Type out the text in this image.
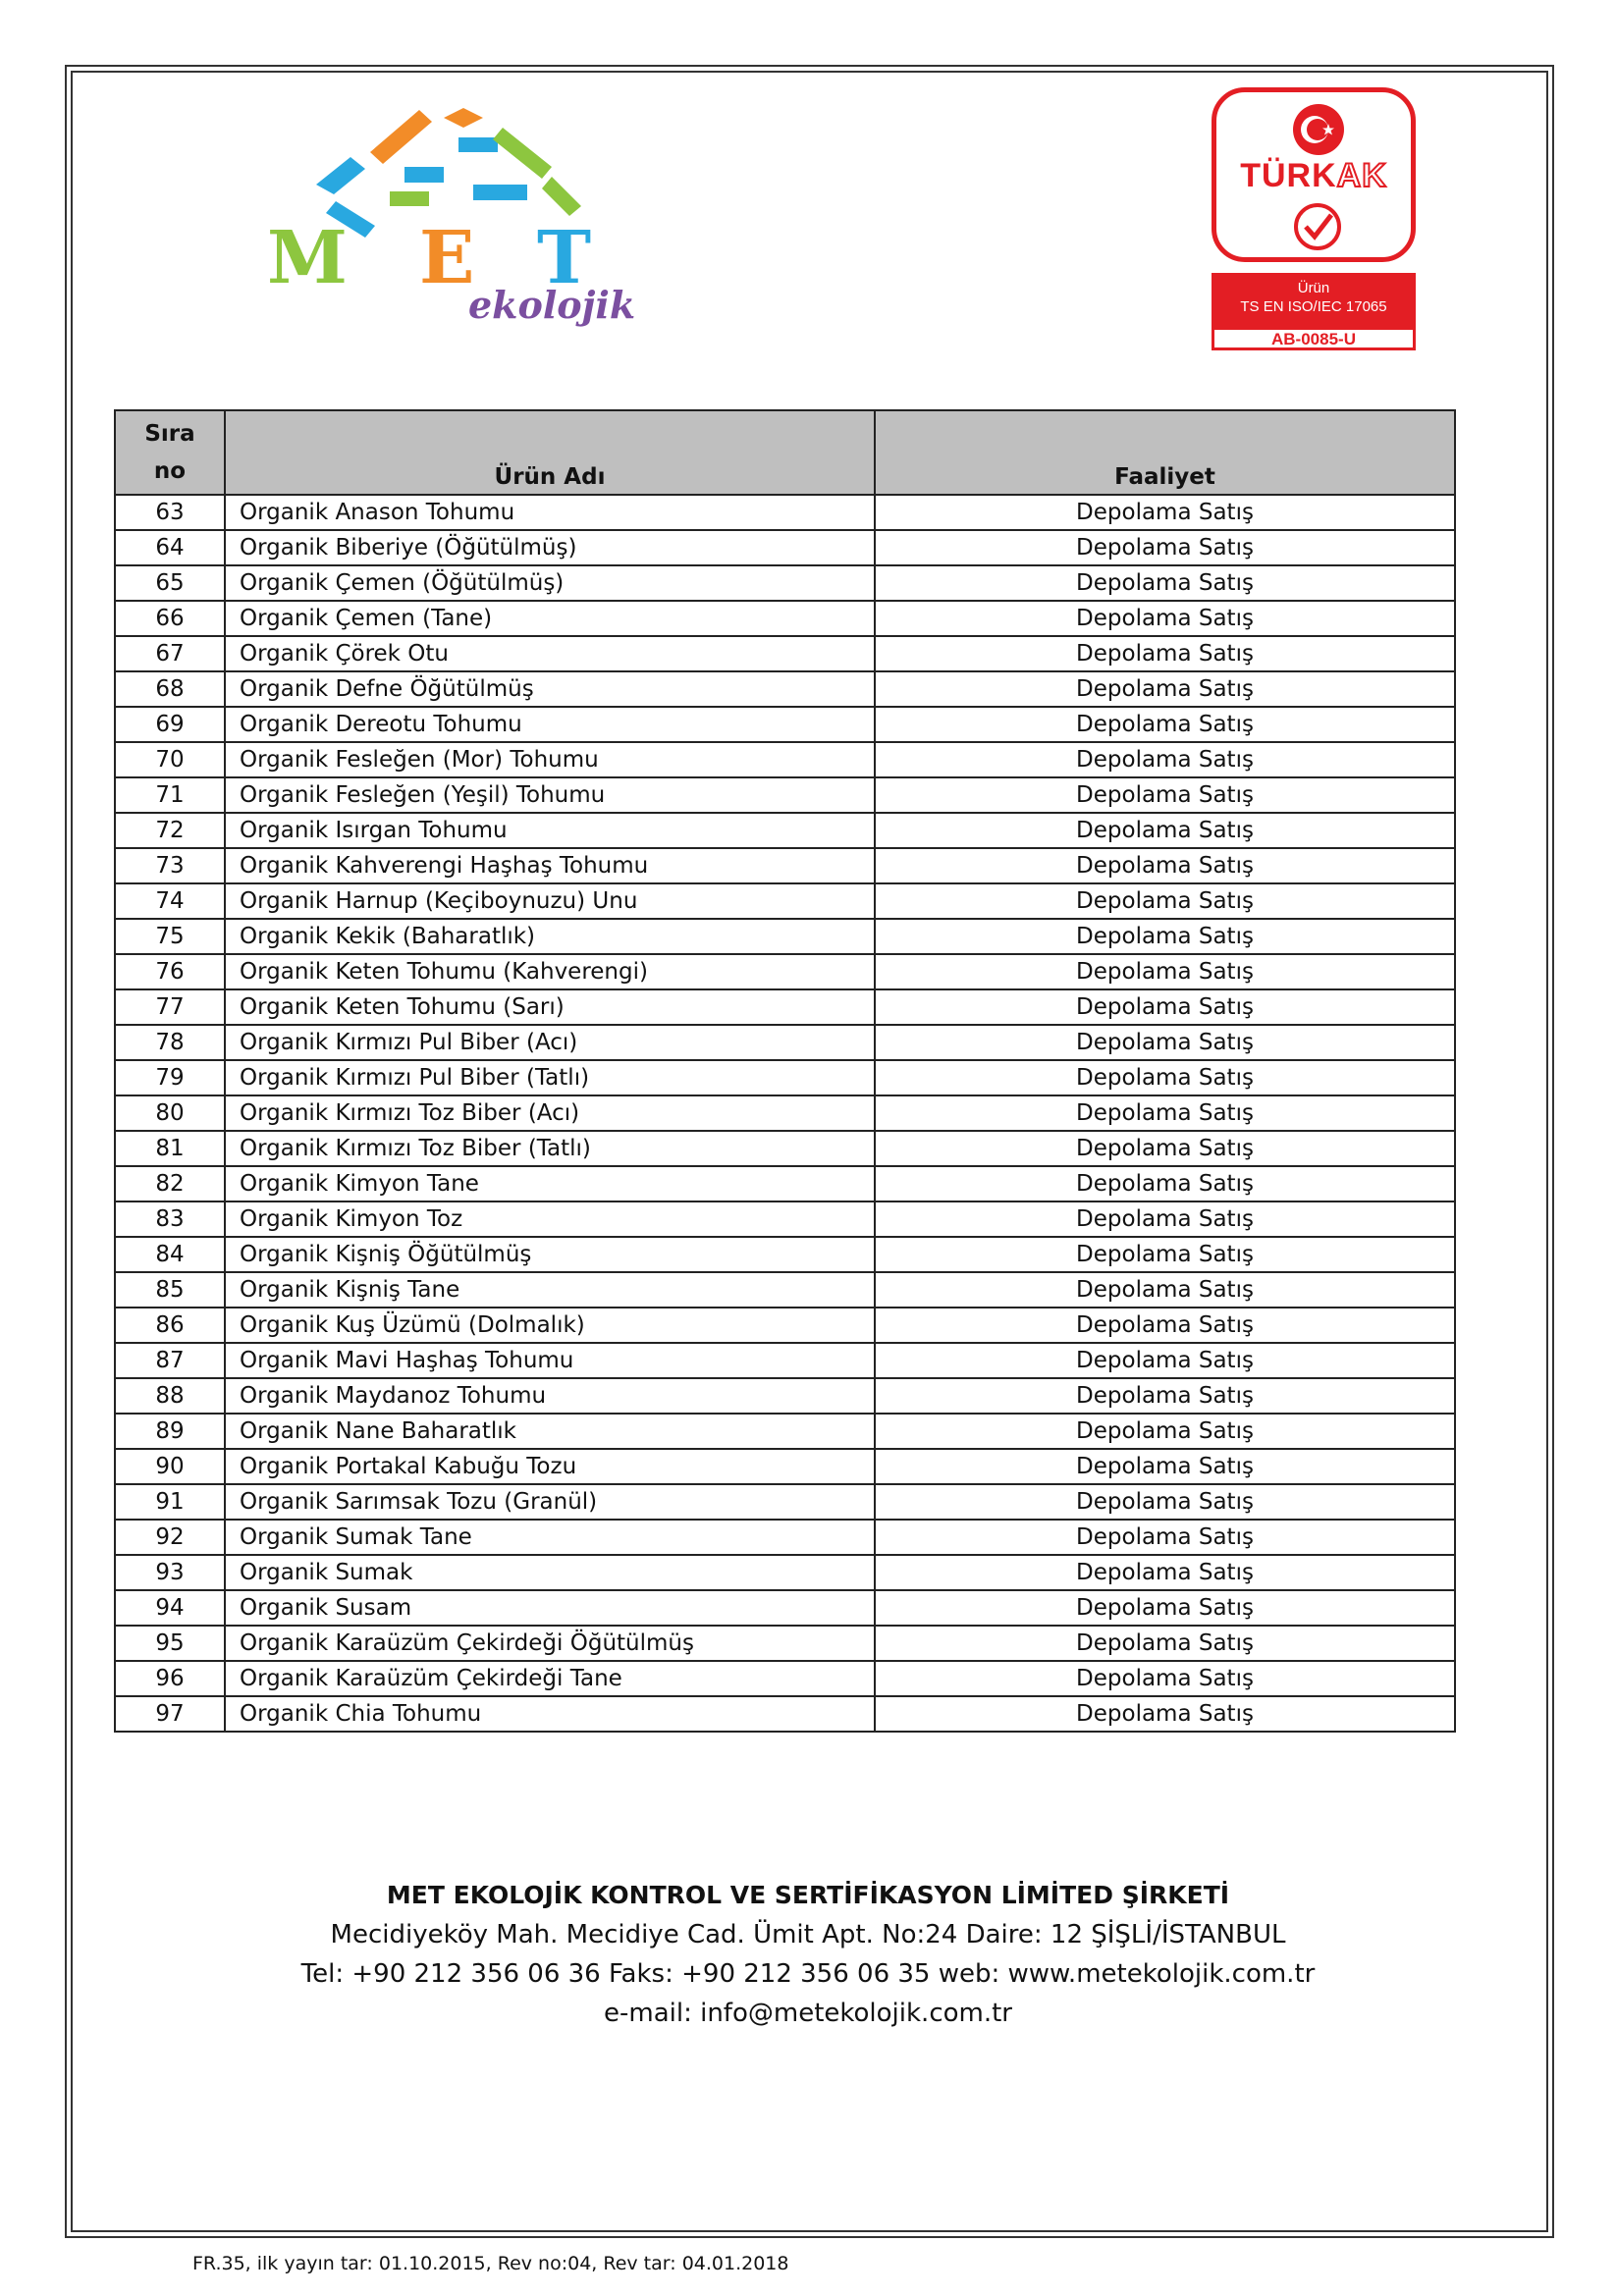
M E T
ekolojik
TÜRKAK
Ürün
TS EN ISO/IEC 17065
AB-0085-U
Sıra
no	Ürün Adı	Faaliyet
63	Organik Anason Tohumu	Depolama Satış
64	Organik Biberiye (Öğütülmüş)	Depolama Satış
65	Organik Çemen (Öğütülmüş)	Depolama Satış
66	Organik Çemen (Tane)	Depolama Satış
67	Organik Çörek Otu	Depolama Satış
68	Organik Defne Öğütülmüş	Depolama Satış
69	Organik Dereotu Tohumu	Depolama Satış
70	Organik Fesleğen (Mor) Tohumu	Depolama Satış
71	Organik Fesleğen (Yeşil) Tohumu	Depolama Satış
72	Organik Isırgan Tohumu	Depolama Satış
73	Organik Kahverengi Haşhaş Tohumu	Depolama Satış
74	Organik Harnup (Keçiboynuzu) Unu	Depolama Satış
75	Organik Kekik (Baharatlık)	Depolama Satış
76	Organik Keten Tohumu (Kahverengi)	Depolama Satış
77	Organik Keten Tohumu (Sarı)	Depolama Satış
78	Organik Kırmızı Pul Biber (Acı)	Depolama Satış
79	Organik Kırmızı Pul Biber (Tatlı)	Depolama Satış
80	Organik Kırmızı Toz Biber (Acı)	Depolama Satış
81	Organik Kırmızı Toz Biber (Tatlı)	Depolama Satış
82	Organik Kimyon Tane	Depolama Satış
83	Organik Kimyon Toz	Depolama Satış
84	Organik Kişniş Öğütülmüş	Depolama Satış
85	Organik Kişniş Tane	Depolama Satış
86	Organik Kuş Üzümü (Dolmalık)	Depolama Satış
87	Organik Mavi Haşhaş Tohumu	Depolama Satış
88	Organik Maydanoz Tohumu	Depolama Satış
89	Organik Nane Baharatlık	Depolama Satış
90	Organik Portakal Kabuğu Tozu	Depolama Satış
91	Organik Sarımsak Tozu (Granül)	Depolama Satış
92	Organik Sumak Tane	Depolama Satış
93	Organik Sumak	Depolama Satış
94	Organik Susam	Depolama Satış
95	Organik Karaüzüm Çekirdeği Öğütülmüş	Depolama Satış
96	Organik Karaüzüm Çekirdeği Tane	Depolama Satış
97	Organik Chia Tohumu	Depolama Satış
MET EKOLOJİK KONTROL VE SERTİFİKASYON LİMİTED ŞİRKETİ
Mecidiyeköy Mah. Mecidiye Cad. Ümit Apt. No:24 Daire: 12 ŞİŞLİ/İSTANBUL
Tel: +90 212 356 06 36 Faks: +90 212 356 06 35 web: www.metekolojik.com.tr
e-mail: info@metekolojik.com.tr
FR.35, ilk yayın tar: 01.10.2015, Rev no:04, Rev tar: 04.01.2018
